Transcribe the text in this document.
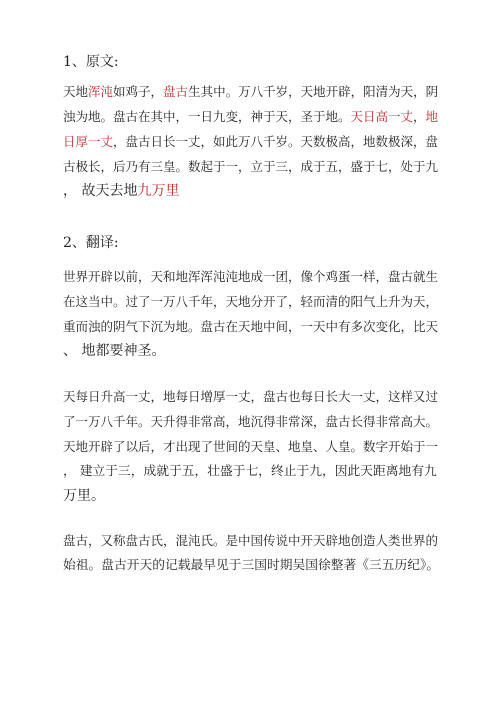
1、原文:
天地浑沌如鸡子，盘古生其中。万八千岁，天地开辟，阳清为天，阴
浊为地。盘古在其中，一日九变，神于天，圣于地。天日高一丈，地
日厚一丈，盘古日长一丈，如此万八千岁。天数极高，地数极深，盘
古极长，后乃有三皇。数起于一，立于三，成于五，盛于七，处于九
， 故天去地九万里
2、翻译:
世界开辟以前，天和地浑浑沌沌地成一团，像个鸡蛋一样，盘古就生
在这当中。过了一万八千年，天地分开了，轻而清的阳气上升为天，
重而浊的阴气下沉为地。盘古在天地中间，一天中有多次变化，比天
、 地都要神圣。
天每日升高一丈，地每日增厚一丈，盘古也每日长大一丈，这样又过
了一万八千年。天升得非常高，地沉得非常深，盘古长得非常高大。
天地开辟了以后，才出现了世间的天皇、地皇、人皇。数字开始于一
， 建立于三，成就于五，壮盛于七，终止于九，因此天距离地有九
万里。
盘古，又称盘古氏，混沌氏。是中国传说中开天辟地创造人类世界的
始祖。盘古开天的记载最早见于三国时期吴国徐整著《三五历纪》。
